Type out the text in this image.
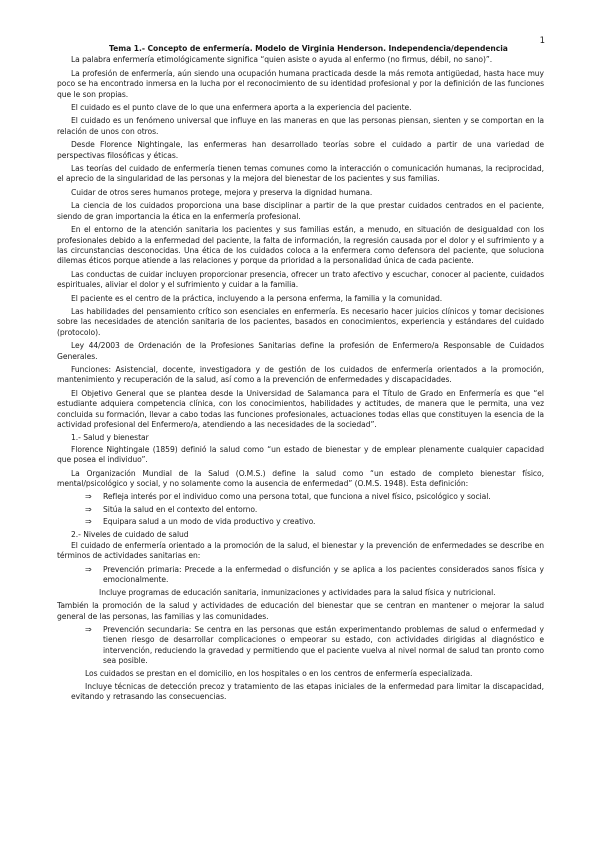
1
Tema 1.- Concepto de enfermería. Modelo de Virginia Henderson. Independencia/dependencia

La palabra enfermería etimológicamente significa “quien asiste o ayuda al enfermo (no firmus, débil, no sano)”.

La profesión de enfermería, aún siendo una ocupación humana practicada desde la más remota antigüedad, hasta hace muy poco se ha encontrado inmersa en la lucha por el reconocimiento de su identidad profesional y por la definición de las funciones que le son propias.

El cuidado es el punto clave de lo que una enfermera aporta a la experiencia del paciente.

El cuidado es un fenómeno universal que influye en las maneras en que las personas piensan, sienten y se comportan en la relación de unos con otros.

Desde Florence Nightingale, las enfermeras han desarrollado teorías sobre el cuidado a partir de una variedad de perspectivas filosóficas y éticas.

Las teorías del cuidado de enfermería tienen temas comunes como la interacción o comunicación humanas, la reciprocidad, el aprecio de la singularidad de las personas y la mejora del bienestar de los pacientes y sus familias.

Cuidar de otros seres humanos protege, mejora y preserva la dignidad humana.

La ciencia de los cuidados proporciona una base disciplinar a partir de la que prestar cuidados centrados en el paciente, siendo de gran importancia la ética en la enfermería profesional.

En el entorno de la atención sanitaria los pacientes y sus familias están, a menudo, en situación de desigualdad con los profesionales debido a la enfermedad del paciente, la falta de información, la regresión causada por el dolor y el sufrimiento y a las circunstancias desconocidas. Una ética de los cuidados coloca a la enfermera como defensora del paciente, que soluciona dilemas éticos porque atiende a las relaciones y porque da prioridad a la personalidad única de cada paciente.

Las conductas de cuidar incluyen proporcionar presencia, ofrecer un trato afectivo y escuchar, conocer al paciente, cuidados espirituales, aliviar el dolor y el sufrimiento y cuidar a la familia.

El paciente es el centro de la práctica, incluyendo a la persona enferma, la familia y la comunidad.

Las habilidades del pensamiento crítico son esenciales en enfermería. Es necesario hacer juicios clínicos y tomar decisiones sobre las necesidades de atención sanitaria de los pacientes, basados en conocimientos, experiencia y estándares del cuidado (protocolo).

Ley 44/2003 de Ordenación de la Profesiones Sanitarias define la profesión de Enfermero/a Responsable de Cuidados Generales.

Funciones: Asistencial, docente, investigadora y de gestión de los cuidados de enfermería orientados a la promoción, mantenimiento y recuperación de la salud, así como a la prevención de enfermedades y discapacidades.

El Objetivo General que se plantea desde la Universidad de Salamanca para el Título de Grado en Enfermería es que “el estudiante adquiera competencia clínica, con los conocimientos, habilidades y actitudes, de manera que le permita, una vez concluida su formación, llevar a cabo todas las funciones profesionales, actuaciones todas ellas que constituyen la esencia de la actividad profesional del Enfermero/a, atendiendo a las necesidades de la sociedad”.

1.- Salud y bienestar

Florence Nightingale (1859) definió la salud como “un estado de bienestar y de emplear plenamente cualquier capacidad que posea el individuo”.

La Organización Mundial de la Salud (O.M.S.) define la salud como “un estado de completo bienestar físico, mental/psicológico y social, y no solamente como la ausencia de enfermedad” (O.M.S. 1948). Esta definición:

⇒	Refleja interés por el individuo como una persona total, que funciona a nivel físico, psicológico y social.
⇒	Sitúa la salud en el contexto del entorno.
⇒	Equipara salud a un modo de vida productivo y creativo.
2.- Niveles de cuidado de salud

El cuidado de enfermería orientado a la promoción de la salud, el bienestar y la prevención de enfermedades se describe en términos de actividades sanitarias en:

⇒	Prevención primaria: Precede a la enfermedad o disfunción y se aplica a los pacientes considerados sanos física y emocionalmente.

Incluye programas de educación sanitaria, inmunizaciones y actividades para la salud física y nutricional.

También la promoción de la salud y actividades de educación del bienestar que se centran en mantener o mejorar la salud general de las personas, las familias y las comunidades.

⇒	Prevención secundaria: Se centra en las personas que están experimentando problemas de salud o enfermedad y tienen riesgo de desarrollar complicaciones o empeorar su estado, con actividades dirigidas al diagnóstico e intervención, reduciendo la gravedad y permitiendo que el paciente vuelva al nivel normal de salud tan pronto como sea posible.

Los cuidados se prestan en el domicilio, en los hospitales o en los centros de enfermería especializada.

Incluye técnicas de detección precoz y tratamiento de las etapas iniciales de la enfermedad para limitar la discapacidad, evitando y retrasando las consecuencias.
